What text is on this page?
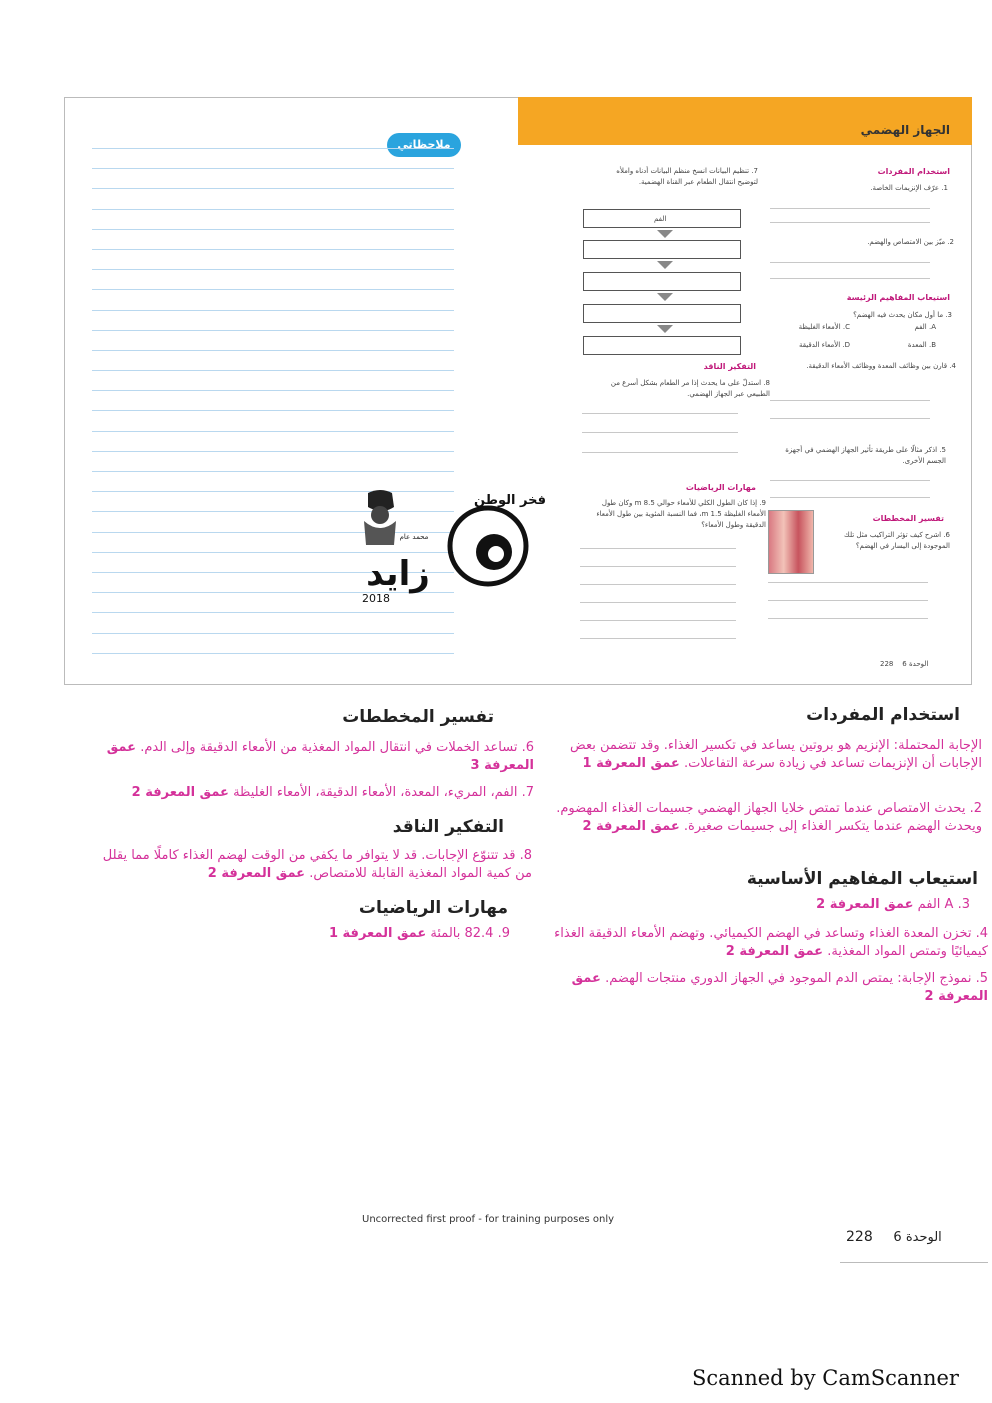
الجهاز الهضمي
ملاحظاتي
استخدام المفردات
1. عرّف الإنزيمات الخاصة.
2. ميّز بين الامتصاص والهضم.
استيعاب المفاهيم الرئيسة
3. ما أول مكان يحدث فيه الهضم؟
A. الفم
B. المعدة
C. الأمعاء الغليظة
D. الأمعاء الدقيقة
4. قارن بين وظائف المعدة ووظائف الأمعاء الدقيقة.
5. اذكر مثالًا على طريقة تأثير الجهاز الهضمي في أجهزة الجسم الأخرى.
تفسير المخططات
6. اشرح كيف تؤثر التراكيب مثل تلك الموجودة إلى اليسار في الهضم؟
7. تنظيم البيانات انسخ منظم البيانات أدناه واملأه لتوضيح انتقال الطعام عبر القناة الهضمية.
الفم
التفكير الناقد
8. استدلّ على ما يحدث إذا مر الطعام بشكل أسرع من الطبيعي عبر الجهاز الهضمي.
مهارات الرياضيات
9. إذا كان الطول الكلي للأمعاء حوالي 8.5 m وكان طول الأمعاء الغليظة 1.5 m، فما النسبة المئوية بين طول الأمعاء الدقيقة وطول الأمعاء؟
الوحدة 6    228
محمد عام
زايد
2018
فخر الوطن
استخدام المفردات
الإجابة المحتملة: الإنزيم هو بروتين يساعد في تكسير الغذاء. وقد تتضمن بعض الإجابات أن الإنزيمات تساعد في زيادة سرعة التفاعلات. عمق المعرفة 1
2. يحدث الامتصاص عندما تمتص خلايا الجهاز الهضمي جسيمات الغذاء المهضوم. ويحدث الهضم عندما يتكسر الغذاء إلى جسيمات صغيرة. عمق المعرفة 2
استيعاب المفاهيم الأساسية
3. A الفم عمق المعرفة 2
4. تخزن المعدة الغذاء وتساعد في الهضم الكيميائي. وتهضم الأمعاء الدقيقة الغذاء كيميائيًا وتمتص المواد المغذية. عمق المعرفة 2
5. نموذج الإجابة: يمتص الدم الموجود في الجهاز الدوري منتجات الهضم. عمق المعرفة 2
تفسير المخططات
6. تساعد الخملات في انتقال المواد المغذية من الأمعاء الدقيقة وإلى الدم. عمق المعرفة 3
7. الفم، المريء، المعدة، الأمعاء الدقيقة، الأمعاء الغليظة عمق المعرفة 2
التفكير الناقد
8. قد تتنوّع الإجابات. قد لا يتوافر ما يكفي من الوقت لهضم الغذاء كاملًا مما يقلل من كمية المواد المغذية القابلة للامتصاص. عمق المعرفة 2
مهارات الرياضيات
9. 82.4 بالمئة عمق المعرفة 1
Uncorrected first proof - for training purposes only
الوحدة 6     228
Scanned by CamScanner
